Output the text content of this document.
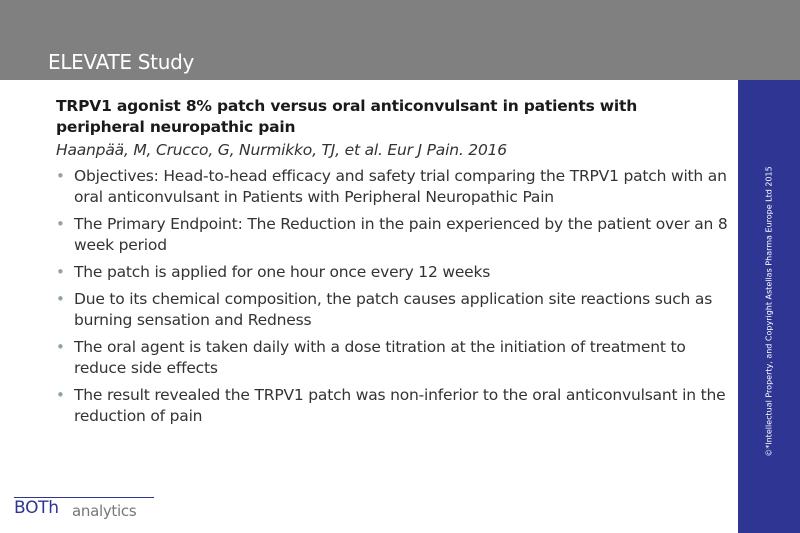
ELEVATE Study
©*Intellectual Property, and Copyright Astellas Pharma Europe Ltd 2015
TRPV1 agonist 8% patch versus oral anticonvulsant in patients with peripheral neuropathic pain
Haanpää, M, Crucco, G, Nurmikko, TJ, et al. Eur J Pain. 2016
• Objectives: Head-to-head efficacy and safety trial comparing the TRPV1 patch with an oral anticonvulsant in Patients with Peripheral Neuropathic Pain
• The Primary Endpoint: The Reduction in the pain experienced by the patient over an 8 week period
• The patch is applied for one hour once every 12 weeks
• Due to its chemical composition, the patch causes application site reactions such as burning sensation and Redness
• The oral agent is taken daily with a dose titration at the initiation of treatment to reduce side effects
• The result revealed the TRPV1 patch was non-inferior to the oral anticonvulsant in the reduction of pain
BOTh analytics
